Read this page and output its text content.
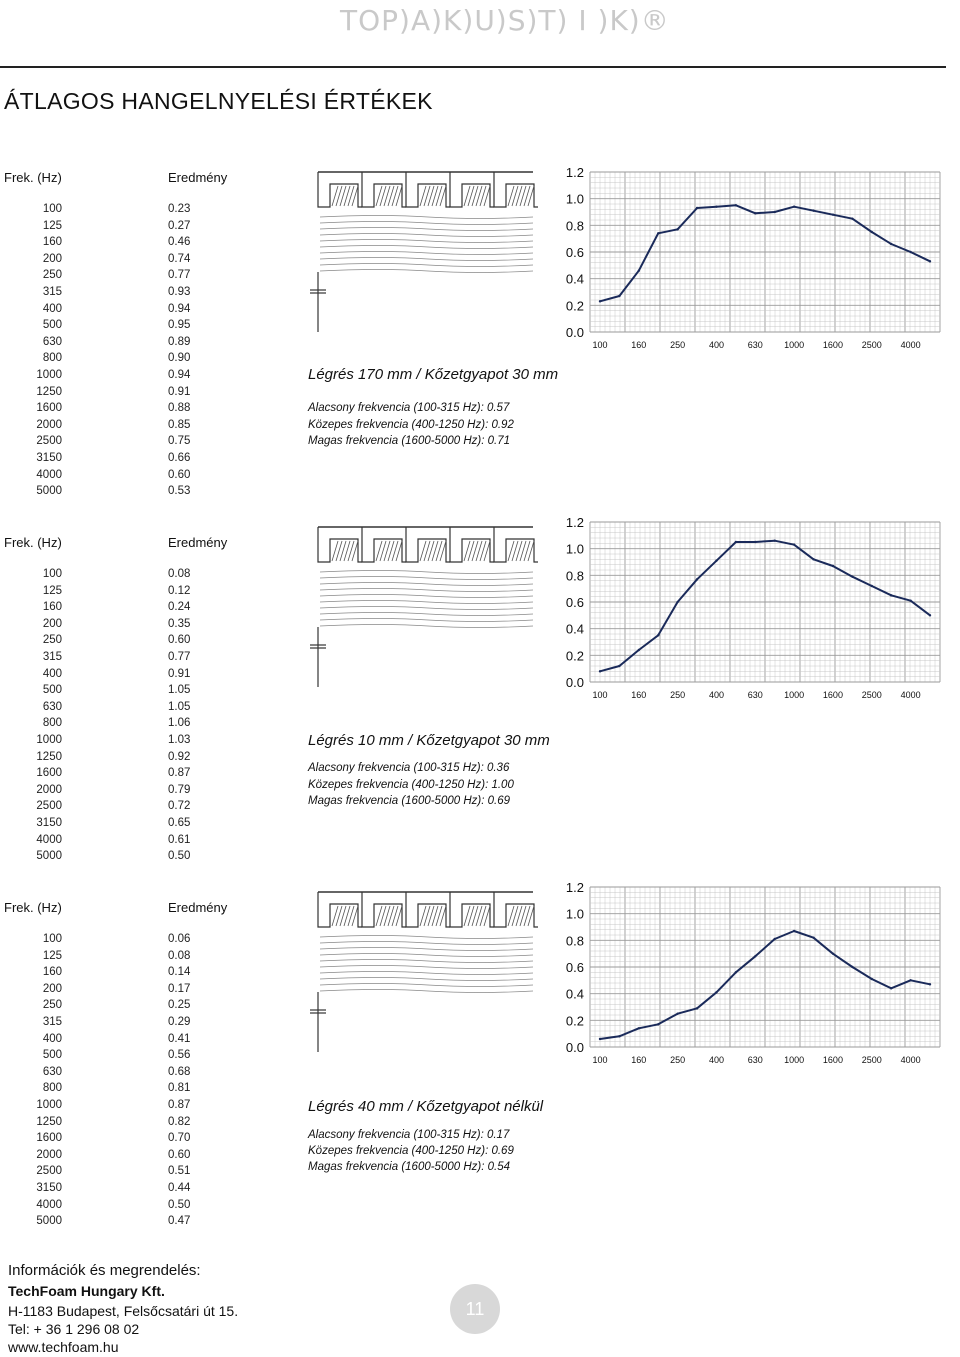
TOP)A)K)U)S)T) I )K)®
ÁTLAGOS HANGELNYELÉSI ÉRTÉKEK
Frek. (Hz)	Eredmény
100	0.23
125	0.27
160	0.46
200	0.74
250	0.77
315	0.93
400	0.94
500	0.95
630	0.89
800	0.90
1000	0.94
1250	0.91
1600	0.88
2000	0.85
2500	0.75
3150	0.66
4000	0.60
5000	0.53
Légrés 170 mm / Kőzetgyapot 30 mm
Alacsony frekvencia (100-315 Hz): 0.57
Közepes frekvencia (400-1250 Hz): 0.92
Magas frekvencia (1600-5000 Hz): 0.71
1.2
1.0
0.8
0.6
0.4
0.2
0.0
100	160	250	400	630 1000 1600 2500 4000
Frek. (Hz)	Eredmény
100	0.08
125	0.12
160	0.24
200	0.35
250	0.60
315	0.77
400	0.91
500	1.05
630	1.05
800	1.06
1000	1.03
1250	0.92
1600	0.87
2000	0.79
2500	0.72
3150	0.65
4000	0.61
5000	0.50
Légrés 10 mm / Kőzetgyapot 30 mm
Alacsony frekvencia (100-315 Hz): 0.36
Közepes frekvencia (400-1250 Hz): 1.00
Magas frekvencia (1600-5000 Hz): 0.69
1.2
1.0
0.8
0.6
0.4
0.2
0.0
100	160	250	400	630 1000 1600 2500 4000
Frek. (Hz)	Eredmény
100	0.06
125	0.08
160	0.14
200	0.17
250	0.25
315	0.29
400	0.41
500	0.56
630	0.68
800	0.81
1000	0.87
1250	0.82
1600	0.70
2000	0.60
2500	0.51
3150	0.44
4000	0.50
5000	0.47
Légrés 40 mm / Kőzetgyapot nélkül
Alacsony frekvencia (100-315 Hz): 0.17
Közepes frekvencia (400-1250 Hz): 0.69
Magas frekvencia (1600-5000 Hz): 0.54
1.2
1.0
0.8
0.6
0.4
0.2
0.0
100	160	250	400	630 1000 1600 2500 4000
Információk és megrendelés:
TechFoam Hungary Kft.
H-1183 Budapest, Felsőcsatári út 15.
Tel: + 36 1 296 08 02
www.techfoam.hu
11
